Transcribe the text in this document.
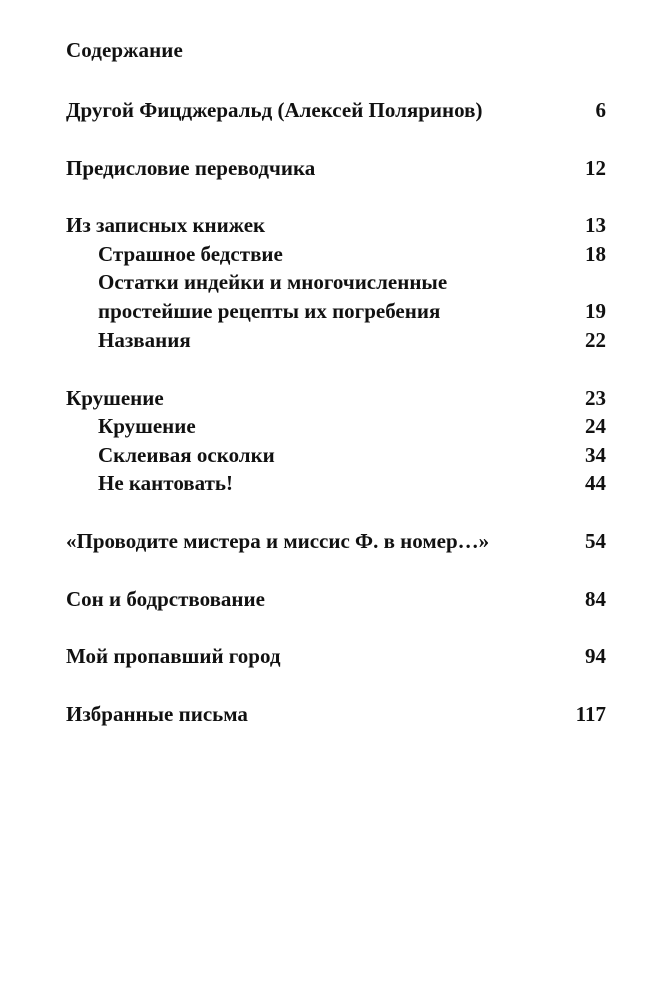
Содержание
Другой Фицджеральд (Алексей Поляринов)	6
Предисловие переводчика	12
Из записных книжек	13
Страшное бедствие	18
Остатки индейки и многочисленные
простейшие рецепты их погребения	19
Названия	22
Крушение	23
Крушение	24
Склеивая осколки	34
Не кантовать!	44
«Проводите мистера и миссис Ф. в номер…»	54
Сон и бодрствование	84
Мой пропавший город	94
Избранные письма	117
